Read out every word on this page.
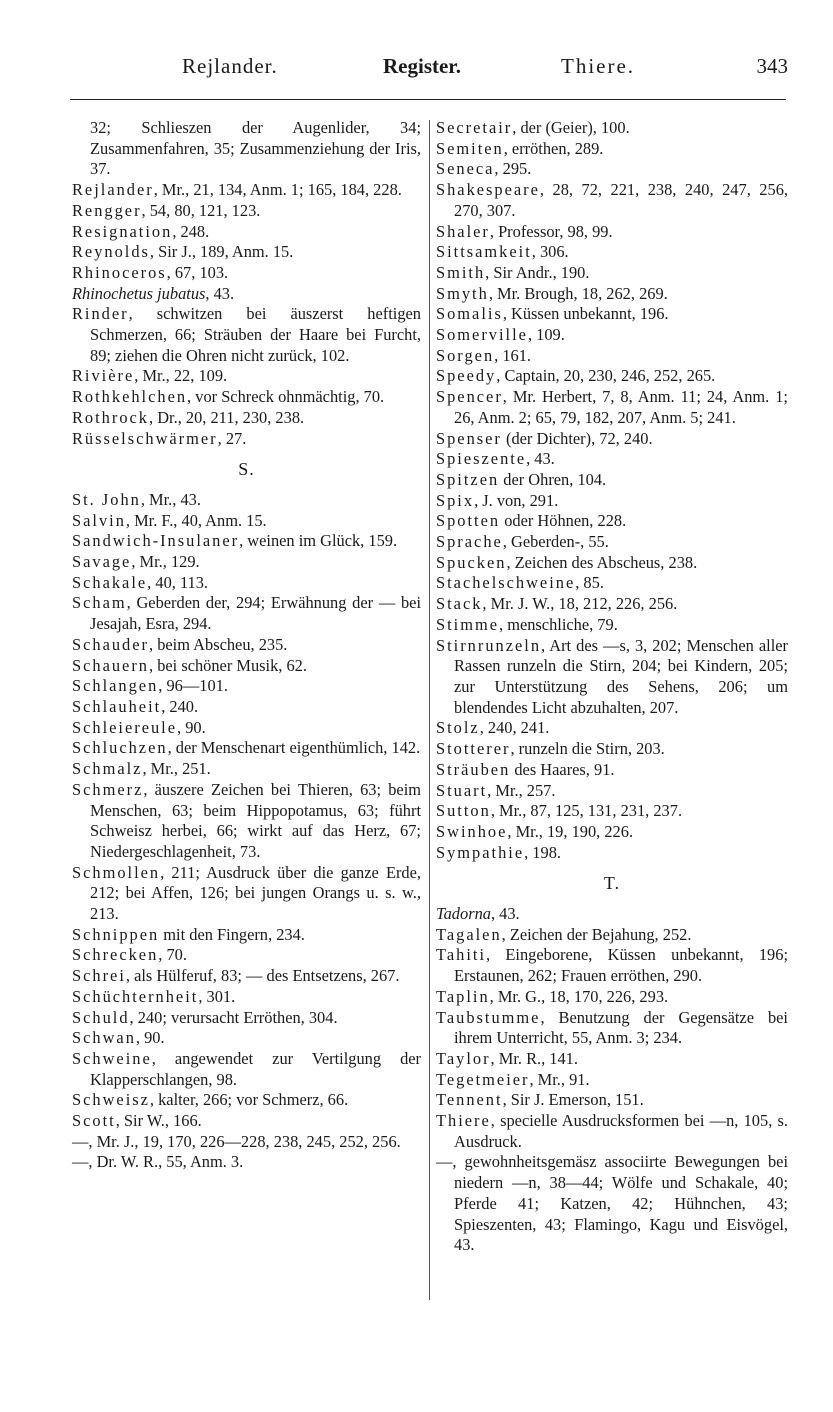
Rejlander.	Register.	Thiere.	343
32; Schlieszen der Augenlider, 34; Zusammenfahren, 35; Zusammenziehung der Iris, 37.
Rejlander, Mr., 21, 134, Anm. 1; 165, 184, 228.
Rengger, 54, 80, 121, 123.
Resignation, 248.
Reynolds, Sir J., 189, Anm. 15.
Rhinoceros, 67, 103.
Rhinochetus jubatus, 43.
Rinder, schwitzen bei äuszerst heftigen Schmerzen, 66; Sträuben der Haare bei Furcht, 89; ziehen die Ohren nicht zurück, 102.
Rivière, Mr., 22, 109.
Rothkehlchen, vor Schreck ohnmächtig, 70.
Rothrock, Dr., 20, 211, 230, 238.
Rüsselschwärmer, 27.
S.
St. John, Mr., 43.
Salvin, Mr. F., 40, Anm. 15.
Sandwich-Insulaner, weinen im Glück, 159.
Savage, Mr., 129.
Schakale, 40, 113.
Scham, Geberden der, 294; Erwähnung der — bei Jesajah, Esra, 294.
Schauder, beim Abscheu, 235.
Schauern, bei schöner Musik, 62.
Schlangen, 96—101.
Schlauheit, 240.
Schleiereule, 90.
Schluchzen, der Menschenart eigenthümlich, 142.
Schmalz, Mr., 251.
Schmerz, äuszere Zeichen bei Thieren, 63; beim Menschen, 63; beim Hippopotamus, 63; führt Schweisz herbei, 66; wirkt auf das Herz, 67; Niedergeschlagenheit, 73.
Schmollen, 211; Ausdruck über die ganze Erde, 212; bei Affen, 126; bei jungen Orangs u. s. w., 213.
Schnippen mit den Fingern, 234.
Schrecken, 70.
Schrei, als Hülferuf, 83; — des Entsetzens, 267.
Schüchternheit, 301.
Schuld, 240; verursacht Erröthen, 304.
Schwan, 90.
Schweine, angewendet zur Vertilgung der Klapperschlangen, 98.
Schweisz, kalter, 266; vor Schmerz, 66.
Scott, Sir W., 166.
—, Mr. J., 19, 170, 226—228, 238, 245, 252, 256.
—, Dr. W. R., 55, Anm. 3.
Secretair, der (Geier), 100.
Semiten, erröthen, 289.
Seneca, 295.
Shakespeare, 28, 72, 221, 238, 240, 247, 256, 270, 307.
Shaler, Professor, 98, 99.
Sittsamkeit, 306.
Smith, Sir Andr., 190.
Smyth, Mr. Brough, 18, 262, 269.
Somalis, Küssen unbekannt, 196.
Somerville, 109.
Sorgen, 161.
Speedy, Captain, 20, 230, 246, 252, 265.
Spencer, Mr. Herbert, 7, 8, Anm. 11; 24, Anm. 1; 26, Anm. 2; 65, 79, 182, 207, Anm. 5; 241.
Spenser (der Dichter), 72, 240.
Spieszente, 43.
Spitzen der Ohren, 104.
Spix, J. von, 291.
Spotten oder Höhnen, 228.
Sprache, Geberden-, 55.
Spucken, Zeichen des Abscheus, 238.
Stachelschweine, 85.
Stack, Mr. J. W., 18, 212, 226, 256.
Stimme, menschliche, 79.
Stirnrunzeln, Art des —s, 3, 202; Menschen aller Rassen runzeln die Stirn, 204; bei Kindern, 205; zur Unterstützung des Sehens, 206; um blendendes Licht abzuhalten, 207.
Stolz, 240, 241.
Stotterer, runzeln die Stirn, 203.
Sträuben des Haares, 91.
Stuart, Mr., 257.
Sutton, Mr., 87, 125, 131, 231, 237.
Swinhoe, Mr., 19, 190, 226.
Sympathie, 198.
T.
Tadorna, 43.
Tagalen, Zeichen der Bejahung, 252.
Tahiti, Eingeborene, Küssen unbekannt, 196; Erstaunen, 262; Frauen erröthen, 290.
Taplin, Mr. G., 18, 170, 226, 293.
Taubstumme, Benutzung der Gegensätze bei ihrem Unterricht, 55, Anm. 3; 234.
Taylor, Mr. R., 141.
Tegetmeier, Mr., 91.
Tennent, Sir J. Emerson, 151.
Thiere, specielle Ausdrucksformen bei —n, 105, s. Ausdruck.
—, gewohnheitsgemäsz associirte Bewegungen bei niedern —n, 38—44; Wölfe und Schakale, 40; Pferde 41; Katzen, 42; Hühnchen, 43; Spieszenten, 43; Flamingo, Kagu und Eisvögel, 43.
